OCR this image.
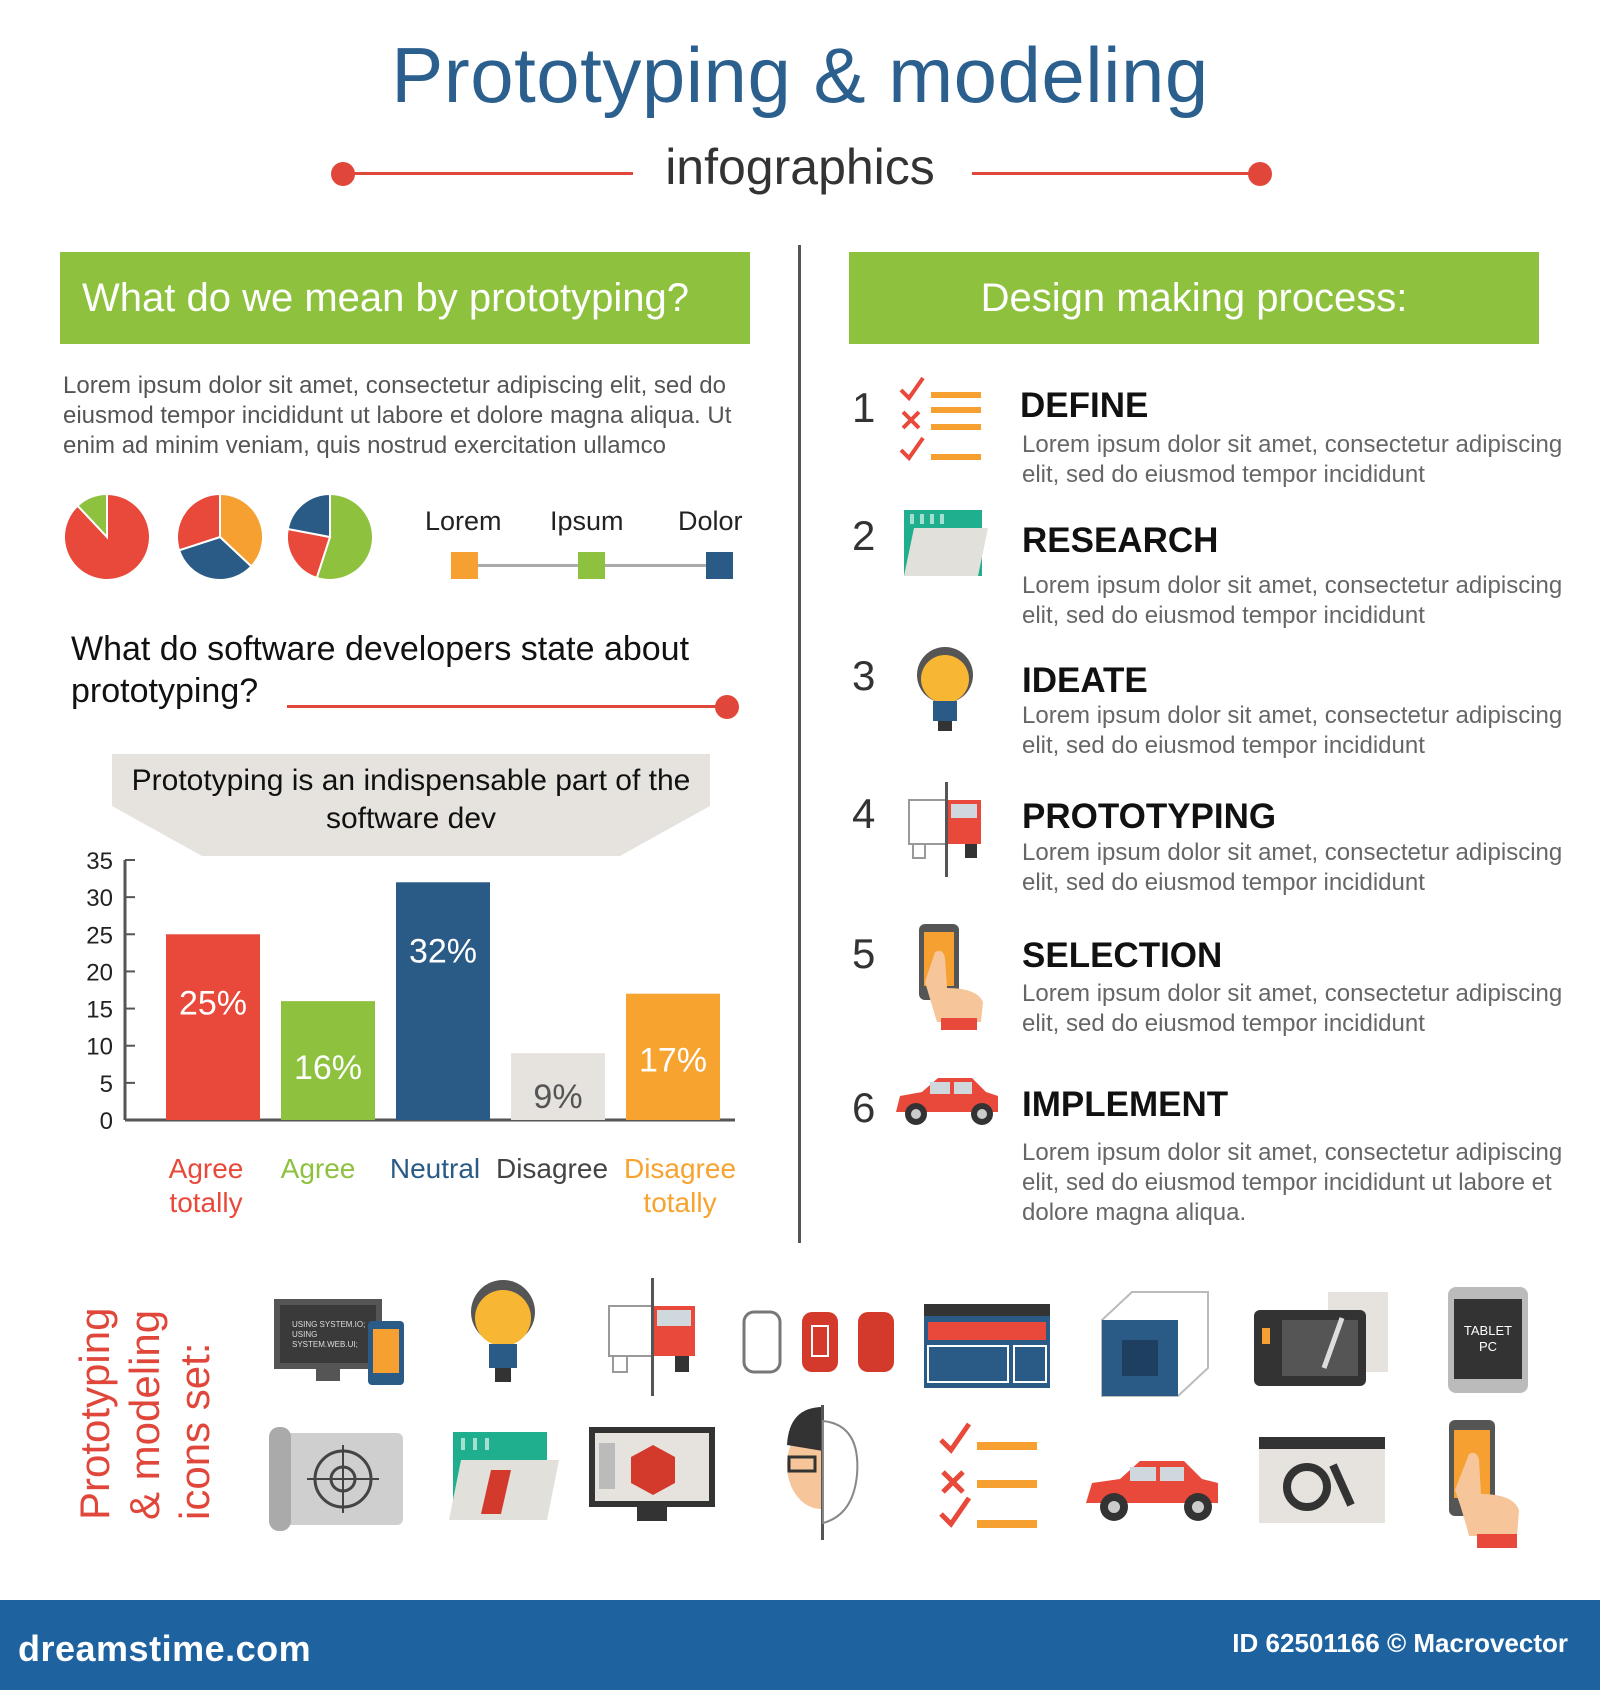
Prototyping & modeling
infographics
What do we mean by prototyping?	Design making process:
Lorem ipsum dolor sit amet, consectetur adipiscing elit, sed do eiusmod tempor incididunt ut labore et dolore magna aliqua. Ut enim ad minim veniam, quis nostrud exercitation ullamco
Lorem Ipsum Dolor
What do software developers state about prototyping?
Prototyping is an indispensable part of the software dev
0
5
10
15
20
25
30
35
25%
16%
32%
9%
17%
Agree totally
Agree	Neutral Disagree Disagree totally
1	DEFINE
Lorem ipsum dolor sit amet, consectetur adipiscing elit, sed do eiusmod tempor incididunt
2	RESEARCH
Lorem ipsum dolor sit amet, consectetur adipiscing elit, sed do eiusmod tempor incididunt
3	IDEATE
Lorem ipsum dolor sit amet, consectetur adipiscing elit, sed do eiusmod tempor incididunt
4	PROTOTYPING
Lorem ipsum dolor sit amet, consectetur adipiscing elit, sed do eiusmod tempor incididunt
5	SELECTION
Lorem ipsum dolor sit amet, consectetur adipiscing elit, sed do eiusmod tempor incididunt
6	IMPLEMENT
Lorem ipsum dolor sit amet, consectetur adipiscing elit, sed do eiusmod tempor incididunt ut labore et dolore magna aliqua.
Prototyping & modeling icons set:
USING SYSTEM.IO;
USING
SYSTEM.WEB.UI;
TABLET
PC
dreamstime.com	ID 62501166 © Macrovector
